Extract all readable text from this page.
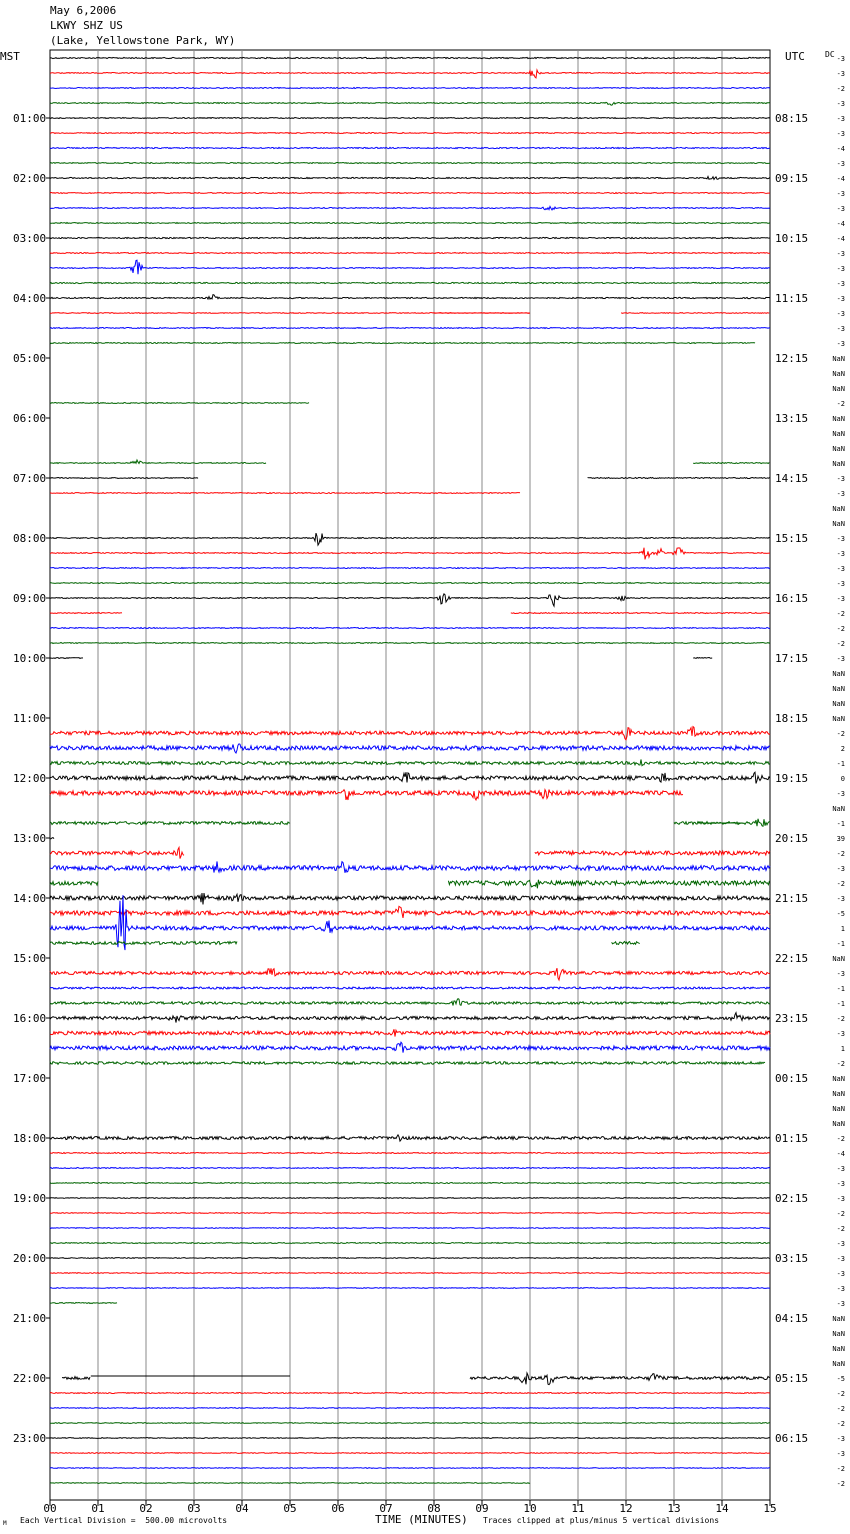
May 6,2006
LKWY SHZ US
(Lake, Yellowstone Park, WY)
MST	UTC	DC
00	01	02	03	04	05	06	07	08	09	10	11	12	13	14	15
01:00	08:15
02:00	09:15
03:00	10:15
04:00	11:15
05:00	12:15
06:00	13:15
07:00	14:15
08:00	15:15
09:00	16:15
10:00	17:15
11:00	18:15
12:00	19:15
13:00	20:15
14:00	21:15
15:00	22:15
16:00	23:15
17:00	00:15
18:00	01:15
19:00	02:15
20:00	03:15
21:00	04:15
22:00	05:15
23:00	06:15
-3
-3
-2
-3
-3
-3
-4
-3
-4
-3
-3
-4
-4
-3
-3
-3
-3
-3
-3
-3
NaN
NaN
NaN
-2
NaN
NaN
NaN
NaN
-3
-3
NaN
NaN
-3
-3
-3
-3
-3
-2
-2
-2
-3
NaN
NaN
NaN
NaN
-2
2
-1
0
-3
NaN
-1
39
-2
-3
-2
-3
-5
1
-1
NaN
-3
-1
-1
-2
-3
1
-2
NaN
NaN
NaN
NaN
-2
-4
-3
-3
-3
-2
-2
-3
-3
-3
-3
-3
NaN
NaN
NaN
NaN
-5
-2
-2
-2
-3
-3
-2
-2
M Each Vertical Division =  500.00 microvolts	TIME (MINUTES) Traces clipped at plus/minus 5 vertical divisions
